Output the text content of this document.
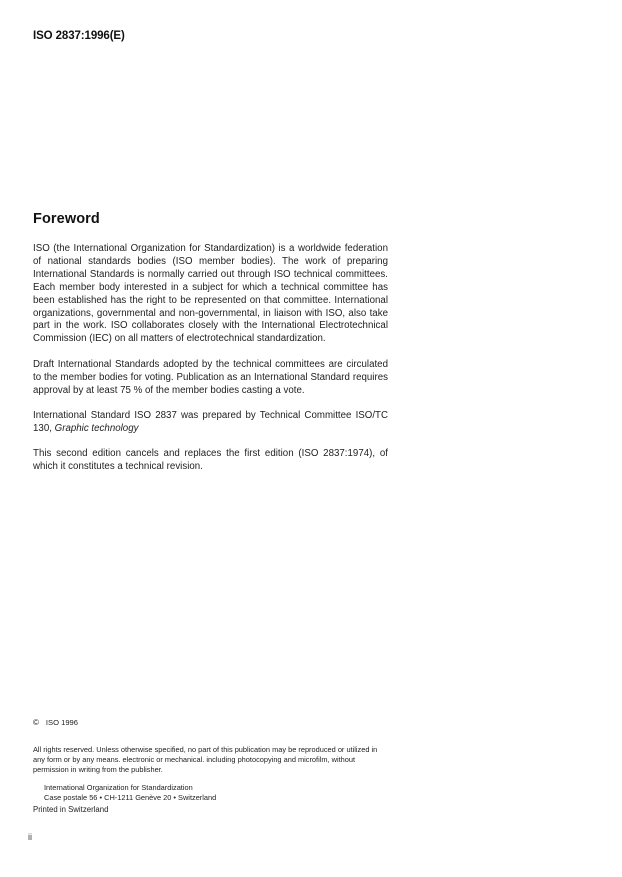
ISO 2837:1996(E)
Foreword

ISO (the International Organization for Standardization) is a worldwide federation of national standards bodies (ISO member bodies). The work of preparing International Standards is normally carried out through ISO technical committees. Each member body interested in a subject for which a technical committee has been established has the right to be represented on that committee. International organizations, governmental and non-governmental, in liaison with ISO, also take part in the work. ISO collaborates closely with the International Electrotechnical Commission (IEC) on all matters of electrotechnical standardization.

Draft International Standards adopted by the technical committees are circulated to the member bodies for voting. Publication as an International Standard requires approval by at least 75 % of the member bodies casting a vote.

International Standard ISO 2837 was prepared by Technical Committee ISO/TC 130, Graphic technology

This second edition cancels and replaces the first edition (ISO 2837:1974), of which it constitutes a technical revision.

© ISO 1996
All rights reserved. Unless otherwise specified, no part of this publication may be reproduced or utilized in any form or by any means. electronic or mechanical. including photocopying and microfilm, without permission in writing from the publisher.
International Organization for Standardization
Case postale 56 • CH-1211 Genève 20 • Switzerland
Printed in Switzerland
ii
